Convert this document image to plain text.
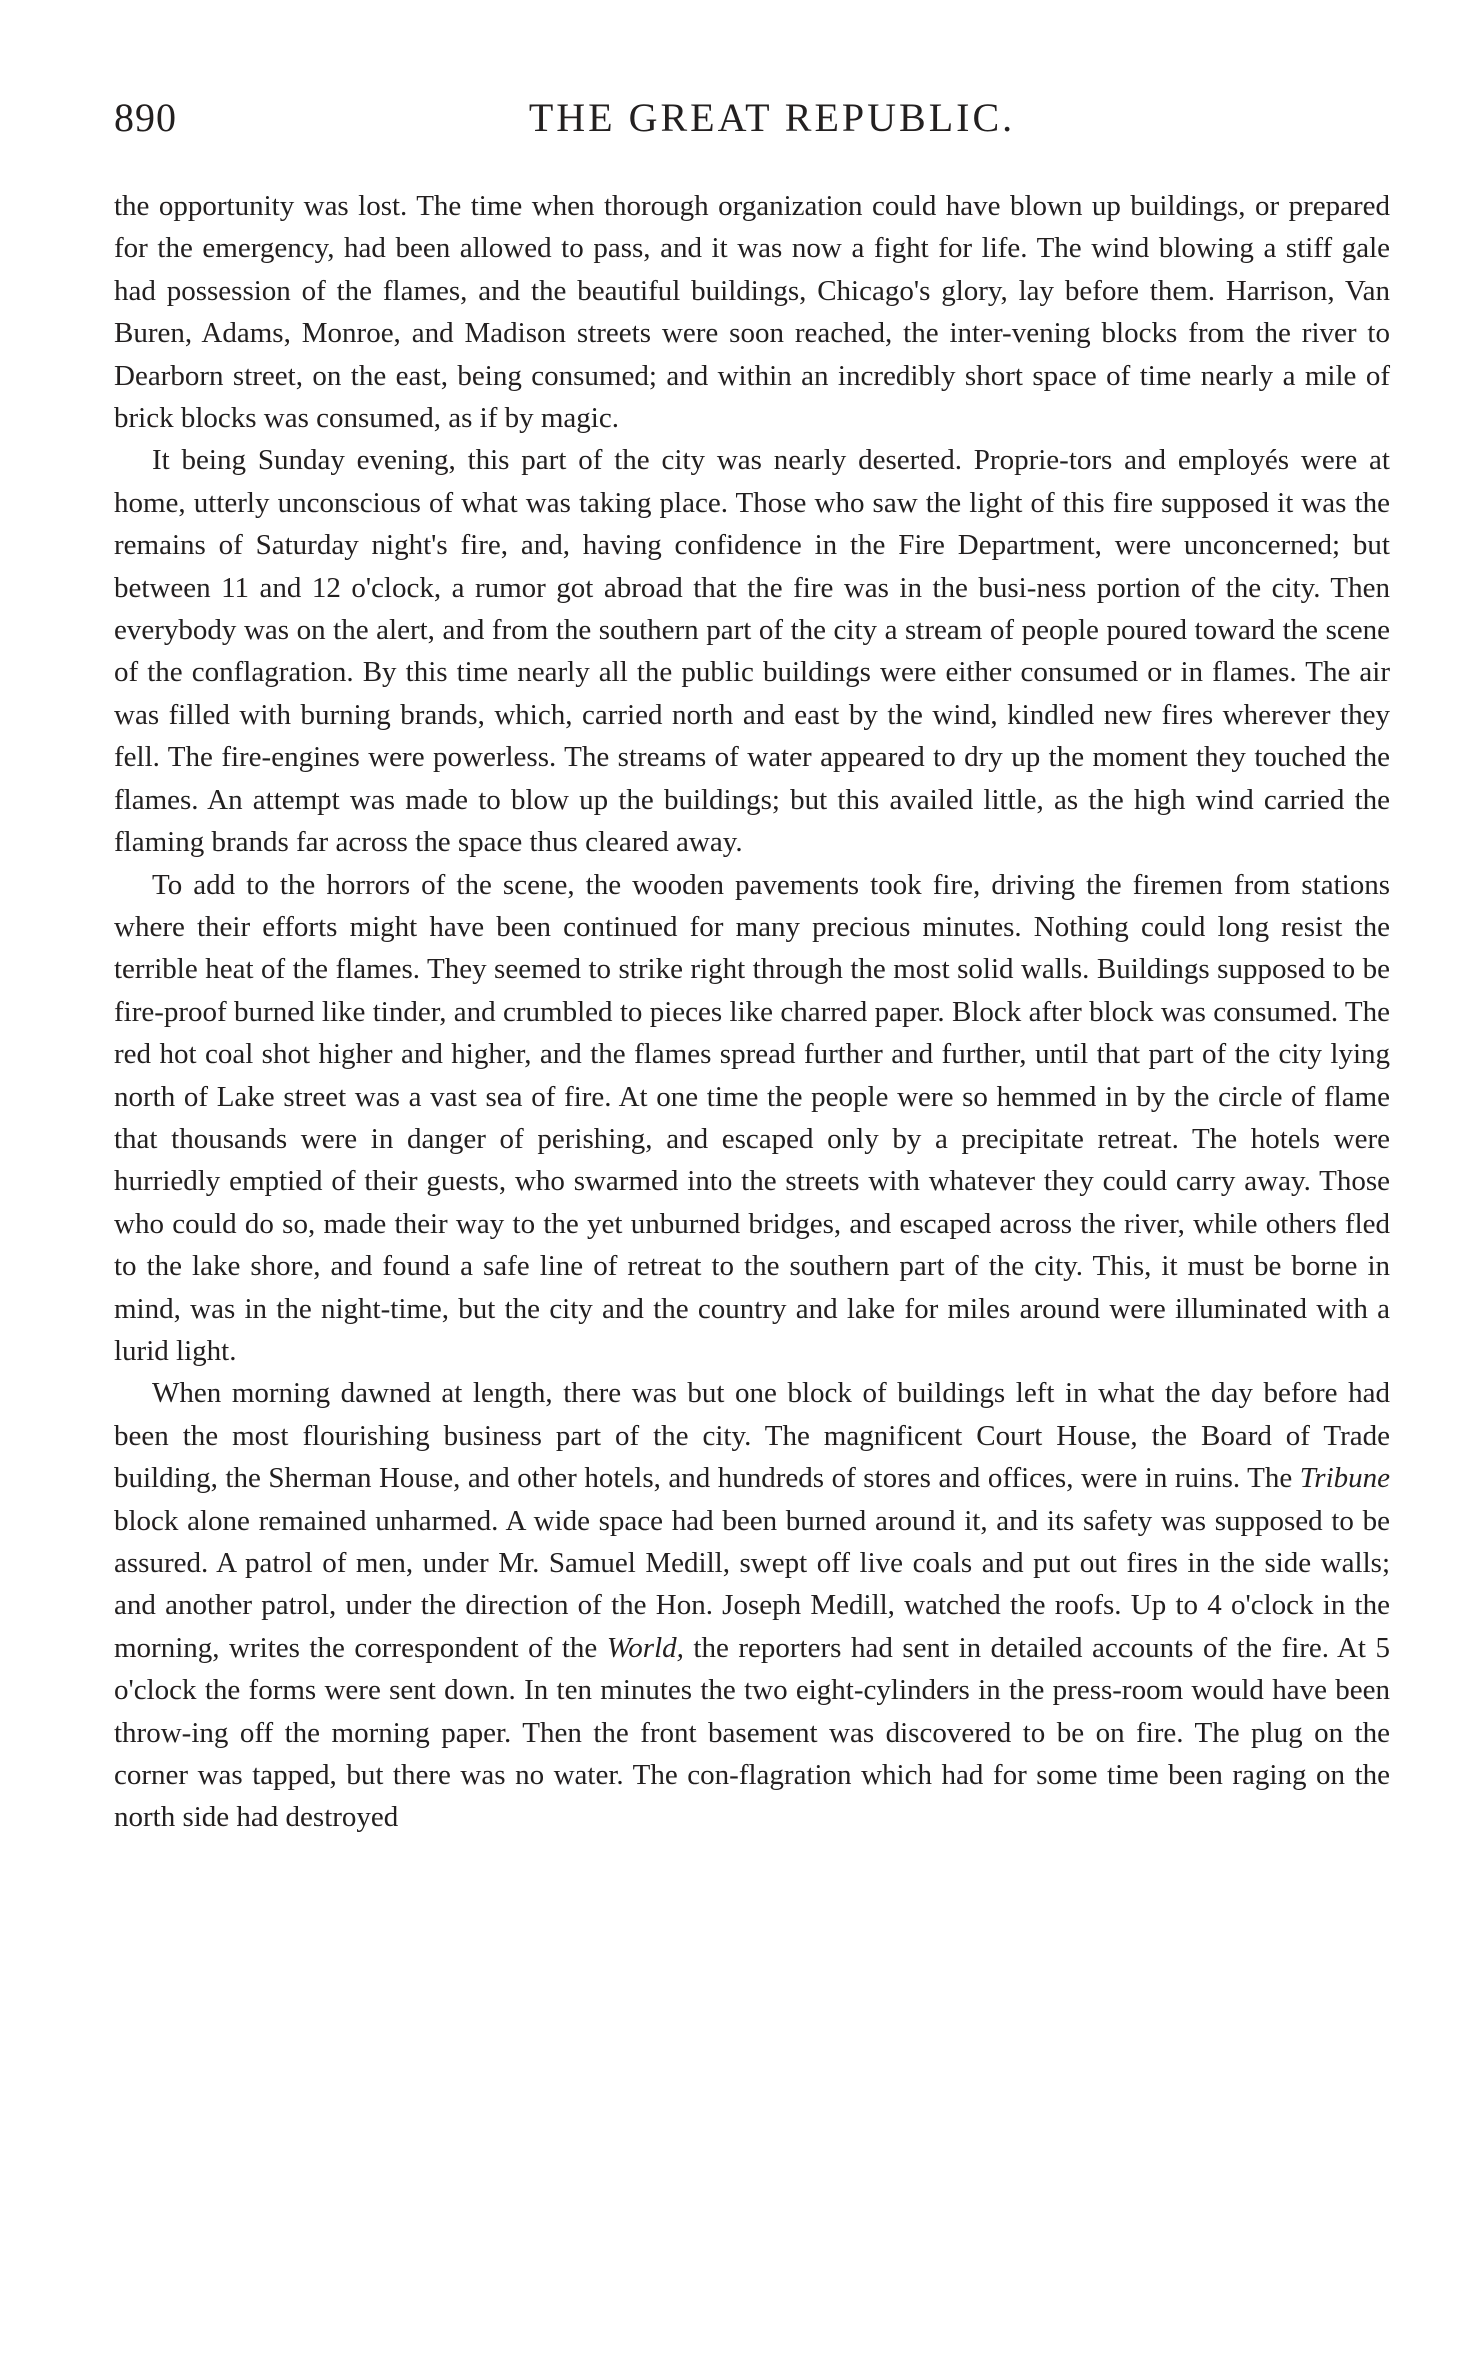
890	THE GREAT REPUBLIC.

the opportunity was lost. The time when thorough organization could have blown up buildings, or prepared for the emergency, had been allowed to pass, and it was now a fight for life. The wind blowing a stiff gale had possession of the flames, and the beautiful buildings, Chicago's glory, lay before them. Harrison, Van Buren, Adams, Monroe, and Madison streets were soon reached, the inter-vening blocks from the river to Dearborn street, on the east, being consumed; and within an incredibly short space of time nearly a mile of brick blocks was consumed, as if by magic.

It being Sunday evening, this part of the city was nearly deserted. Proprie-tors and employés were at home, utterly unconscious of what was taking place. Those who saw the light of this fire supposed it was the remains of Saturday night's fire, and, having confidence in the Fire Department, were unconcerned; but between 11 and 12 o'clock, a rumor got abroad that the fire was in the busi-ness portion of the city. Then everybody was on the alert, and from the southern part of the city a stream of people poured toward the scene of the conflagration. By this time nearly all the public buildings were either consumed or in flames. The air was filled with burning brands, which, carried north and east by the wind, kindled new fires wherever they fell. The fire-engines were powerless. The streams of water appeared to dry up the moment they touched the flames. An attempt was made to blow up the buildings; but this availed little, as the high wind carried the flaming brands far across the space thus cleared away.

To add to the horrors of the scene, the wooden pavements took fire, driving the firemen from stations where their efforts might have been continued for many precious minutes. Nothing could long resist the terrible heat of the flames. They seemed to strike right through the most solid walls. Buildings supposed to be fire-proof burned like tinder, and crumbled to pieces like charred paper. Block after block was consumed. The red hot coal shot higher and higher, and the flames spread further and further, until that part of the city lying north of Lake street was a vast sea of fire. At one time the people were so hemmed in by the circle of flame that thousands were in danger of perishing, and escaped only by a precipitate retreat. The hotels were hurriedly emptied of their guests, who swarmed into the streets with whatever they could carry away. Those who could do so, made their way to the yet unburned bridges, and escaped across the river, while others fled to the lake shore, and found a safe line of retreat to the southern part of the city. This, it must be borne in mind, was in the night-time, but the city and the country and lake for miles around were illuminated with a lurid light.

When morning dawned at length, there was but one block of buildings left in what the day before had been the most flourishing business part of the city. The magnificent Court House, the Board of Trade building, the Sherman House, and other hotels, and hundreds of stores and offices, were in ruins. The Tribune block alone remained unharmed. A wide space had been burned around it, and its safety was supposed to be assured. A patrol of men, under Mr. Samuel Medill, swept off live coals and put out fires in the side walls; and another patrol, under the direction of the Hon. Joseph Medill, watched the roofs. Up to 4 o'clock in the morning, writes the correspondent of the World, the reporters had sent in detailed accounts of the fire. At 5 o'clock the forms were sent down. In ten minutes the two eight-cylinders in the press-room would have been throw-ing off the morning paper. Then the front basement was discovered to be on fire. The plug on the corner was tapped, but there was no water. The con-flagration which had for some time been raging on the north side had destroyed
